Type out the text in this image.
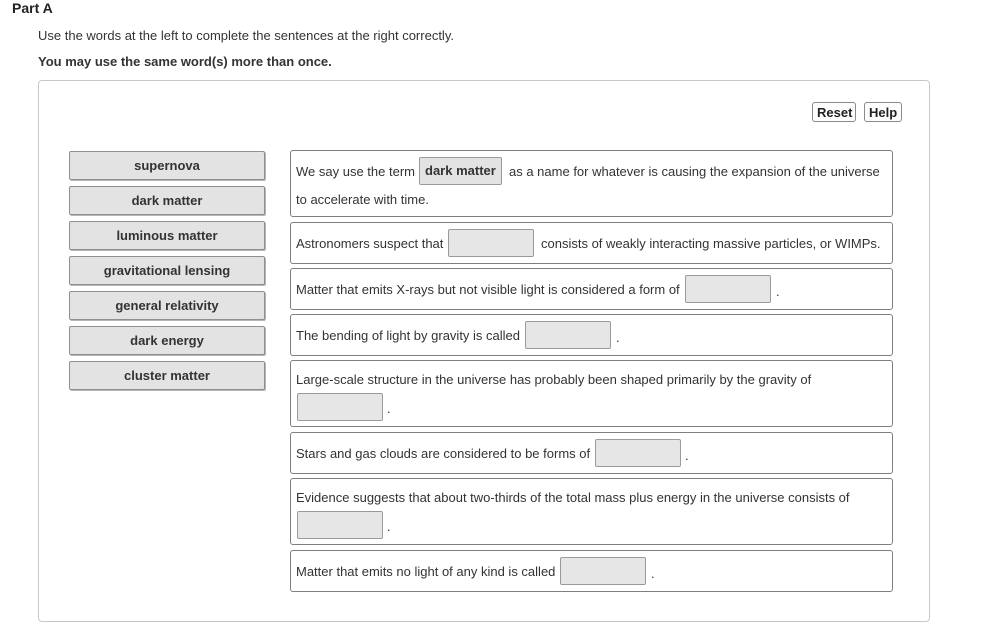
Part A
Use the words at the left to complete the sentences at the right correctly.
You may use the same word(s) more than once.
Reset	Help
supernova
dark matter
luminous matter
gravitational lensing
general relativity
dark energy
cluster matter
We say use the term dark matter	as a name for whatever is causing the expansion of the universe
to accelerate with time.
Astronomers suspect that	consists of weakly interacting massive particles, or WIMPs.
Matter that emits X-rays but not visible light is considered a form of	.
The bending of light by gravity is called	.
Large-scale structure in the universe has probably been shaped primarily by the gravity of
.
Stars and gas clouds are considered to be forms of	.
Evidence suggests that about two-thirds of the total mass plus energy in the universe consists of
.
Matter that emits no light of any kind is called	.
